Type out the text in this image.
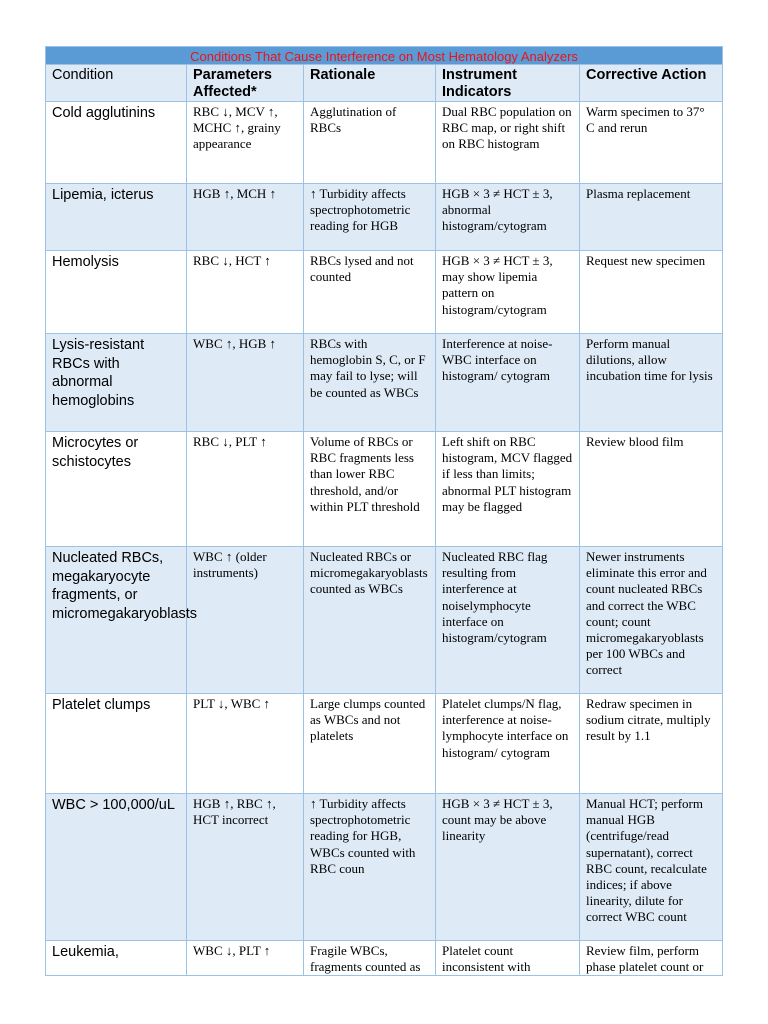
Conditions That Cause Interference on Most Hematology Analyzers				
Condition	Parameters Affected*	Rationale	Instrument Indicators	Corrective Action
Cold agglutinins	RBC ↓, MCV ↑, MCHC ↑, grainy appearance	Agglutination of RBCs	Dual RBC population on RBC map, or right shift on RBC histogram	Warm specimen to 37° C and rerun
Lipemia, icterus	HGB ↑, MCH ↑	↑ Turbidity affects spectrophotometric reading for HGB	HGB × 3 ≠ HCT ± 3, abnormal histogram/cytogram	Plasma replacement
Hemolysis	RBC ↓, HCT ↑	RBCs lysed and not counted	HGB × 3 ≠ HCT ± 3, may show lipemia pattern on histogram/cytogram	Request new specimen
Lysis-resistant RBCs with abnormal hemoglobins	WBC ↑, HGB ↑	RBCs with hemoglobin S, C, or F may fail to lyse; will be counted as WBCs	Interference at noise-WBC interface on histogram/ cytogram	Perform manual dilutions, allow incubation time for lysis
Microcytes or schistocytes	RBC ↓, PLT ↑	Volume of RBCs or RBC fragments less than lower RBC threshold, and/or within PLT threshold	Left shift on RBC histogram, MCV flagged if less than limits; abnormal PLT histogram may be flagged	Review blood film
Nucleated RBCs, megakaryocyte fragments, or micromegakaryoblasts	WBC ↑ (older instruments)	Nucleated RBCs or micromegakaryoblasts counted as WBCs	Nucleated RBC flag resulting from interference at noiselymphocyte interface on histogram/cytogram	Newer instruments eliminate this error and count nucleated RBCs and correct the WBC count; count micromegakaryoblasts per 100 WBCs and correct
Platelet clumps	PLT ↓, WBC ↑	Large clumps counted as WBCs and not platelets	Platelet clumps/N flag, interference at noise-lymphocyte interface on histogram/ cytogram	Redraw specimen in sodium citrate, multiply result by 1.1
WBC > 100,000/uL	HGB ↑, RBC ↑, HCT incorrect	↑ Turbidity affects spectrophotometric reading for HGB, WBCs counted with RBC coun	HGB × 3 ≠ HCT ± 3, count may be above linearity	Manual HCT; perform manual HGB (centrifuge/read supernatant), correct RBC count, recalculate indices; if above linearity, dilute for correct WBC count
Leukemia,	WBC ↓, PLT ↑	Fragile WBCs, fragments counted as	Platelet count inconsistent with	Review film, perform phase platelet count or
